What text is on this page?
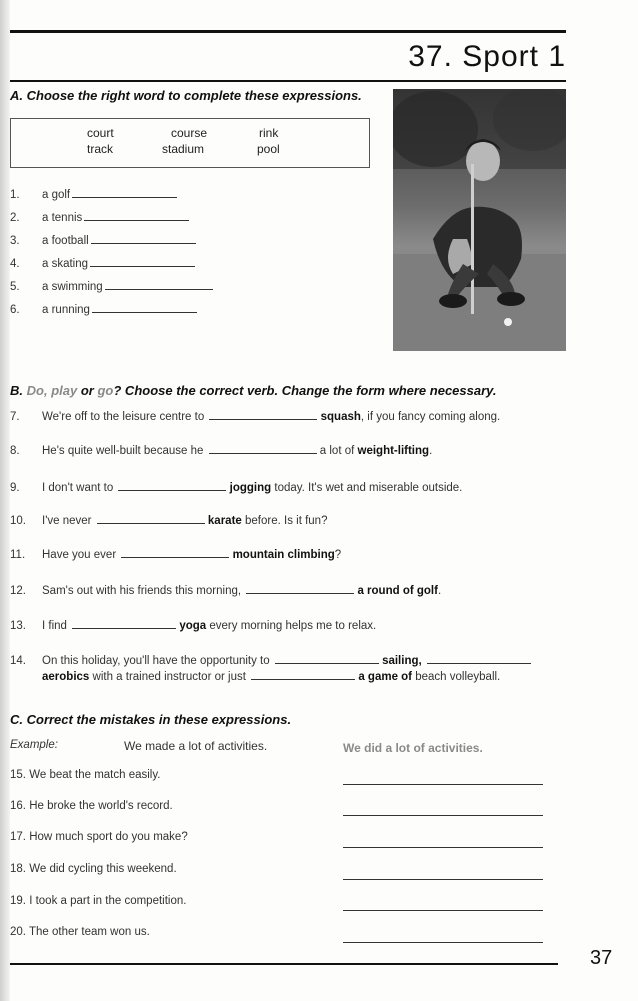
37. Sport 1
A. Choose the right word to complete these expressions.
court	course	rink
track	stadium	pool
1. a golf
2. a tennis
3. a football
4. a skating
5. a swimming
6. a running
B. Do, play or go? Choose the correct verb. Change the form where necessary.
7. We're off to the leisure centre to	squash, if you fancy coming along.
8. He's quite well-built because he	a lot of weight-lifting.
9. I don't want to	jogging today. It's wet and miserable outside.
10. I've never	karate before. Is it fun?
11. Have you ever	mountain climbing?
12. Sam's out with his friends this morning,	a round of golf.
13. I find	yoga every morning helps me to relax.
14. On this holiday, you'll have the opportunity to	sailing,
aerobics with a trained instructor or just	a game of beach volleyball.
C. Correct the mistakes in these expressions.
Example:	We made a lot of activities.	We did a lot of activities.
15. We beat the match easily.
16. He broke the world's record.
17. How much sport do you make?
18. We did cycling this weekend.
19. I took a part in the competition.
20. The other team won us.
37
